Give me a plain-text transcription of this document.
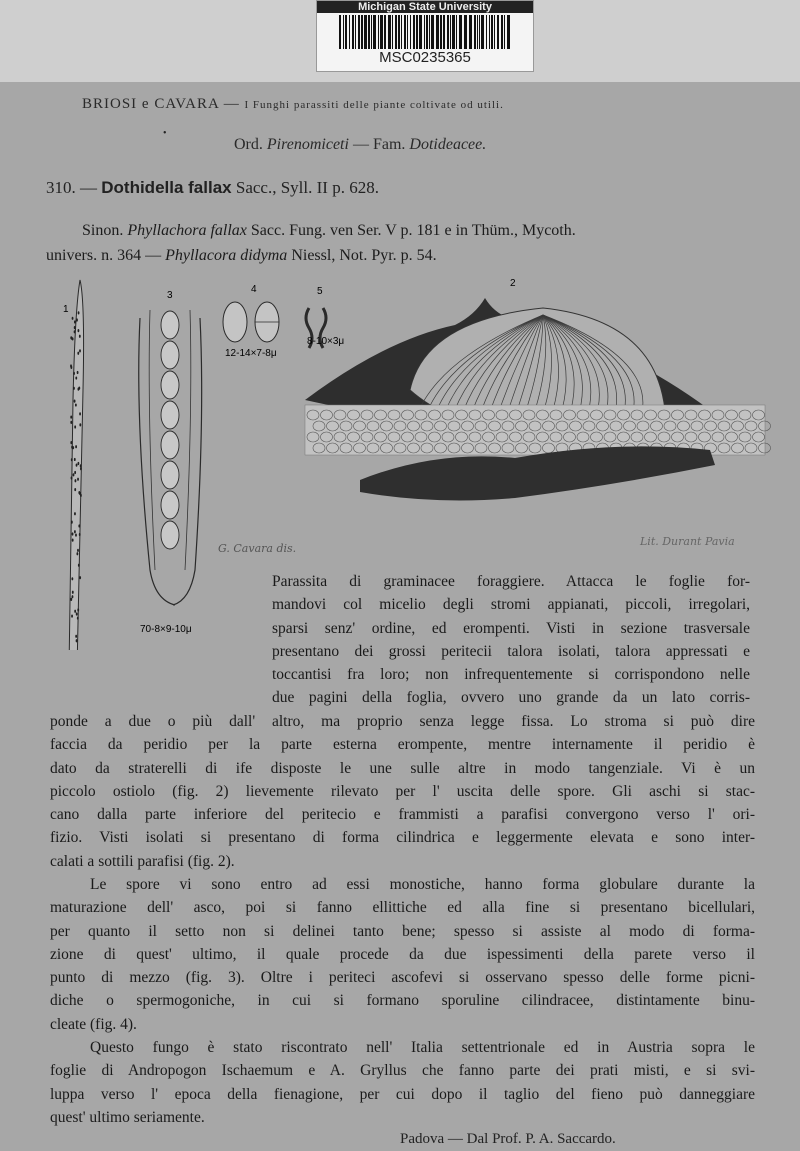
Michigan State University
MSC0235365
BRIOSI e CAVARA — I Funghi parassiti delle piante coltivate od utili.
•
Ord. Pirenomiceti — Fam. Dotideacee.
310. — Dothidella fallax Sacc., Syll. II p. 628.
Sinon. Phyllachora fallax Sacc. Fung. ven Ser. V p. 181 e in Thüm., Mycoth.
univers. n. 364 — Phyllacora didyma Niessl, Not. Pyr. p. 54.
1
3
70-8×9-10μ
4
12-14×7-8μ
5
8-10×3μ
2
G. Cavara dis.
Lit. Durant Pavia
Parassita di graminacee foraggiere. Attacca le foglie for-
mandovi col micelio degli stromi appianati, piccoli, irregolari,
sparsi senz' ordine, ed erompenti. Visti in sezione trasversale
presentano dei grossi peritecii talora isolati, talora appressati e
toccantisi fra loro; non infrequentemente si corrispondono nelle
due pagini della foglia, ovvero uno grande da un lato corris-
ponde a due o più dall' altro, ma proprio senza legge fissa. Lo stroma si può dire
faccia da peridio per la parte esterna erompente, mentre internamente il peridio è
dato da straterelli di ife disposte le une sulle altre in modo tangenziale. Vi è un
piccolo ostiolo (fig. 2) lievemente rilevato per l' uscita delle spore. Gli aschi si stac-
cano dalla parte inferiore del peritecio e frammisti a parafisi convergono verso l' ori-
fizio. Visti isolati si presentano di forma cilindrica e leggermente elevata e sono inter-
calati a sottili parafisi (fig. 2).
Le spore vi sono entro ad essi monostiche, hanno forma globulare durante la
maturazione dell' asco, poi si fanno ellittiche ed alla fine si presentano bicellulari,
per quanto il setto non si delinei tanto bene; spesso si assiste al modo di forma-
zione di quest' ultimo, il quale procede da due ispessimenti della parete verso il
punto di mezzo (fig. 3). Oltre i periteci ascofevi si osservano spesso delle forme picni-
diche o spermogoniche, in cui si formano sporuline cilindracee, distintamente binu-
cleate (fig. 4).
Questo fungo è stato riscontrato nell' Italia settentrionale ed in Austria sopra le
foglie di Andropogon Ischaemum e A. Gryllus che fanno parte dei prati misti, e si svi-
luppa verso l' epoca della fienagione, per cui dopo il taglio del fieno può danneggiare
quest' ultimo seriamente.
Padova — Dal Prof. P. A. Saccardo.
